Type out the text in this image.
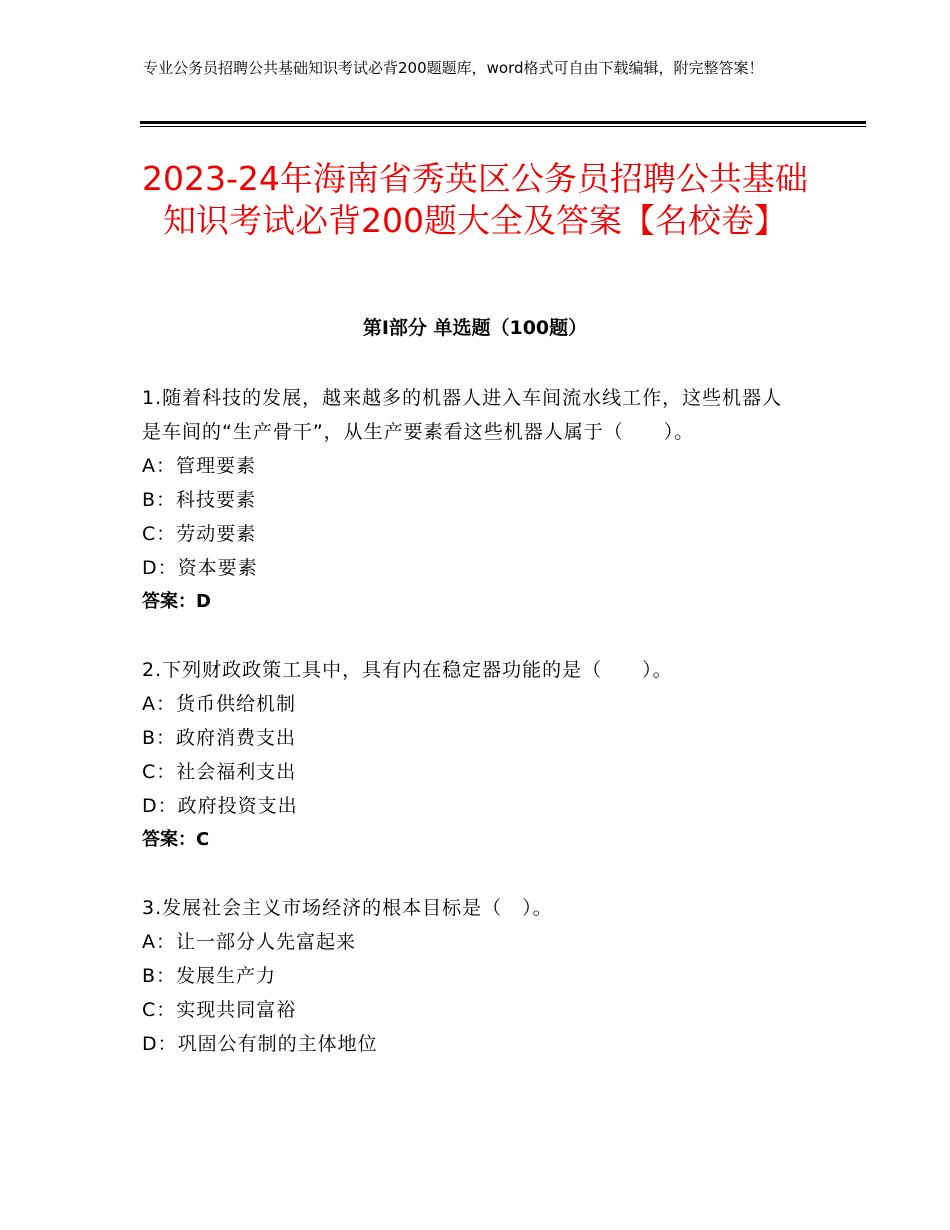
专业公务员招聘公共基础知识考试必背200题题库，word格式可自由下载编辑，附完整答案！
2023-24年海南省秀英区公务员招聘公共基础知识考试必背200题大全及答案【名校卷】
第Ⅰ部分 单选题（100题）

1.随着科技的发展，越来越多的机器人进入车间流水线工作，这些机器人是车间的“生产骨干”，从生产要素看这些机器人属于（　　）。

A：管理要素

B：科技要素

C：劳动要素

D：资本要素

答案：D

2.下列财政政策工具中，具有内在稳定器功能的是（　　）。

A：货币供给机制

B：政府消费支出

C：社会福利支出

D：政府投资支出

答案：C

3.发展社会主义市场经济的根本目标是（　）。

A：让一部分人先富起来

B：发展生产力

C：实现共同富裕

D：巩固公有制的主体地位
